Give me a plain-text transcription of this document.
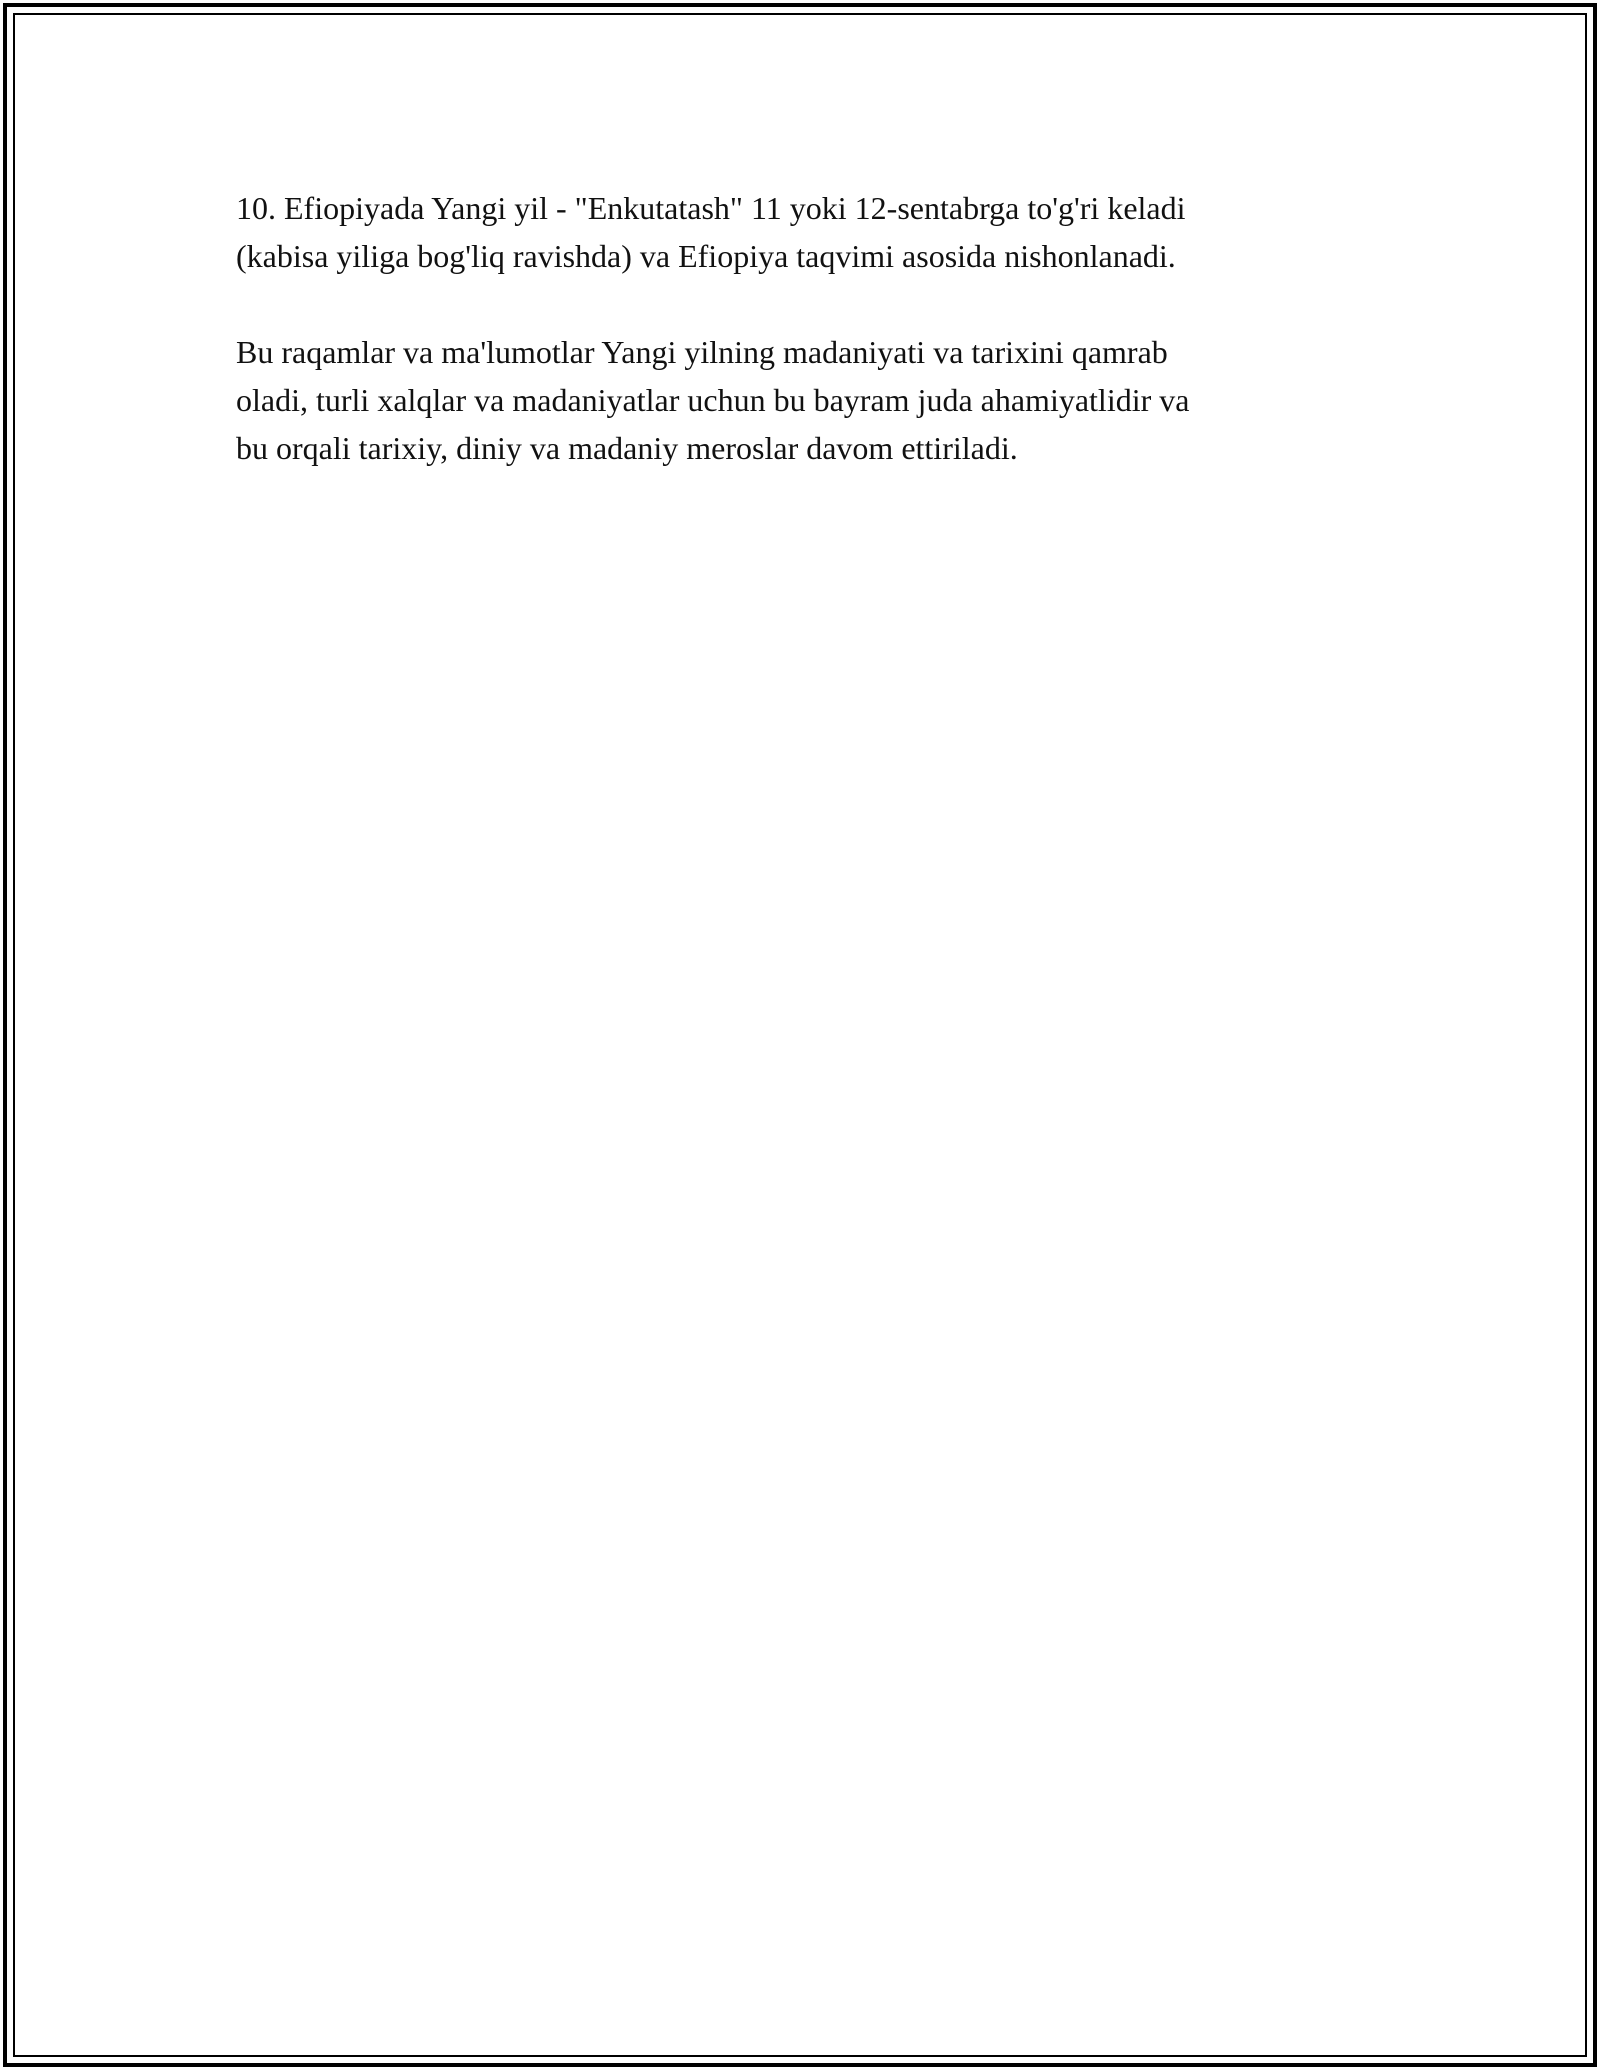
10. Efiopiyada Yangi yil - "Enkutatash" 11 yoki 12-sentabrga to'g'ri keladi
(kabisa yiliga bog'liq ravishda) va Efiopiya taqvimi asosida nishonlanadi.

Bu raqamlar va ma'lumotlar Yangi yilning madaniyati va tarixini qamrab
oladi, turli xalqlar va madaniyatlar uchun bu bayram juda ahamiyatlidir va
bu orqali tarixiy, diniy va madaniy meroslar davom ettiriladi.
